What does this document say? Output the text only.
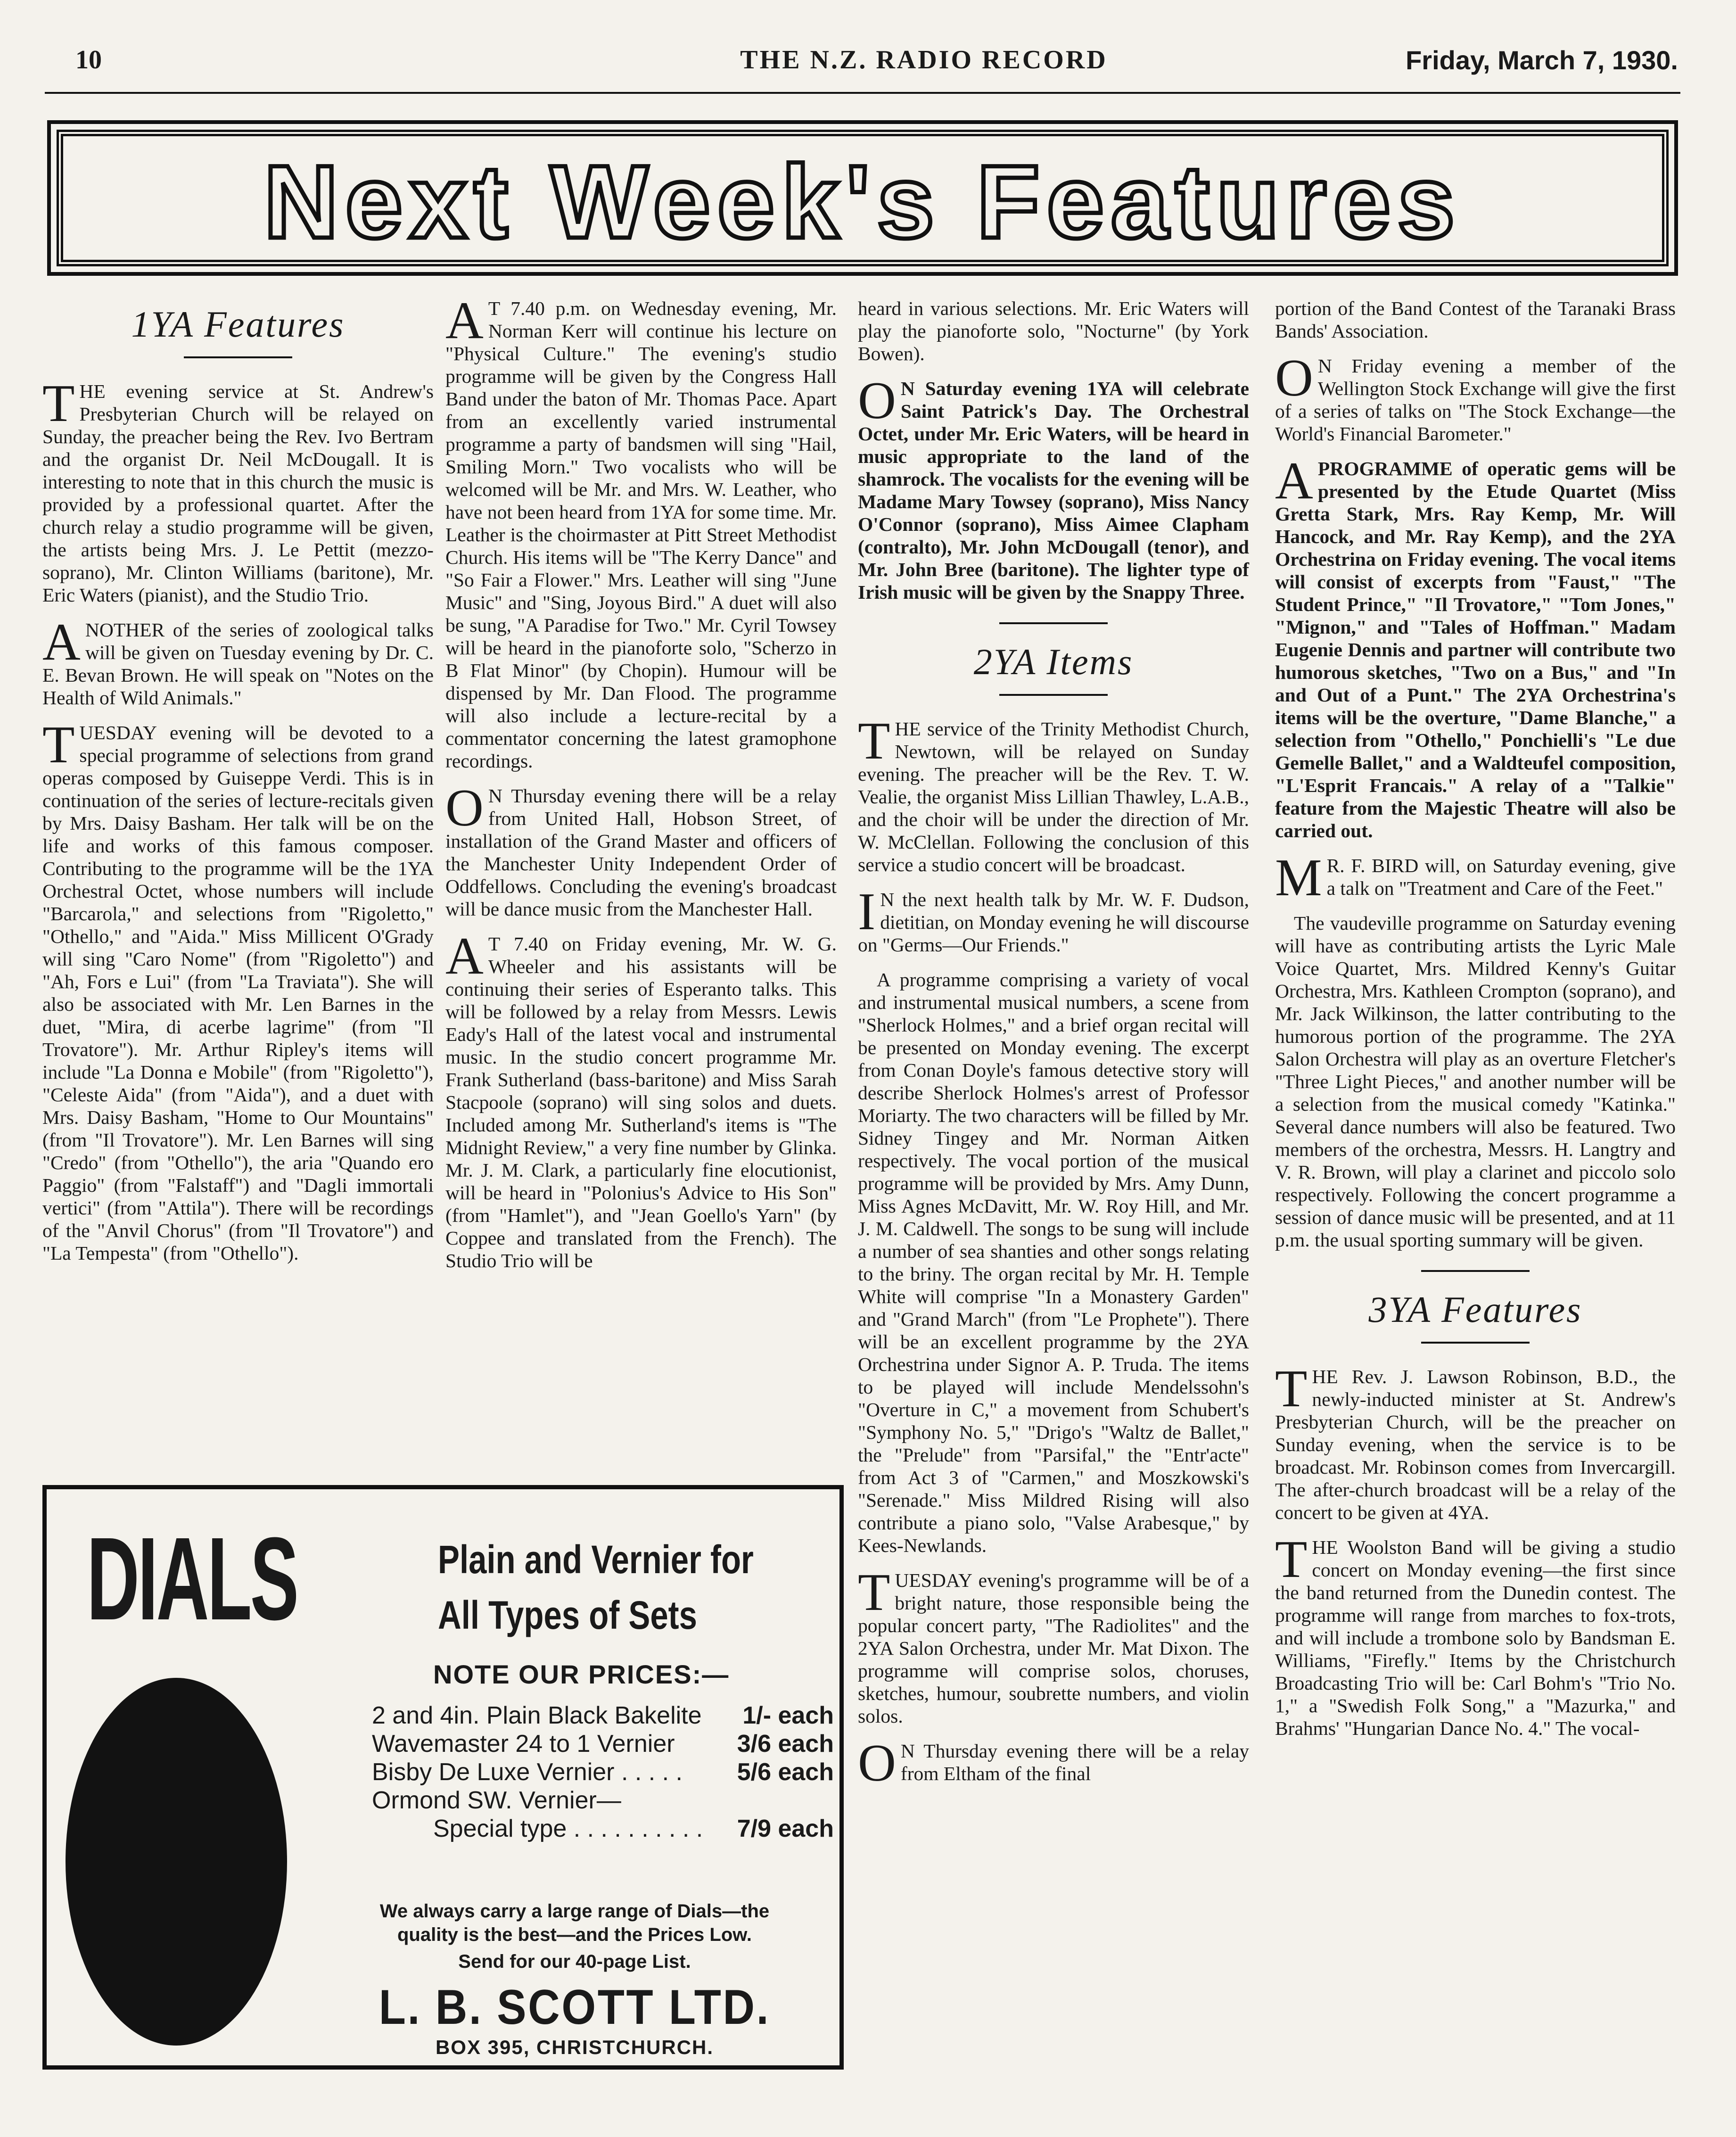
10	THE N.Z. RADIO RECORD	Friday, March 7, 1930.
Next Week's Features
1YA Features

THE evening service at St. Andrew's Presbyterian Church will be relayed on Sunday, the preacher being the Rev. Ivo Bertram and the organist Dr. Neil McDougall. It is interesting to note that in this church the music is provided by a professional quartet. After the church relay a studio programme will be given, the artists being Mrs. J. Le Pettit (mezzo-soprano), Mr. Clinton Williams (baritone), Mr. Eric Waters (pianist), and the Studio Trio.

ANOTHER of the series of zoological talks will be given on Tuesday evening by Dr. C. E. Bevan Brown. He will speak on "Notes on the Health of Wild Animals."

TUESDAY evening will be devoted to a special programme of selections from grand operas composed by Guiseppe Verdi. This is in continuation of the series of lecture-recitals given by Mrs. Daisy Basham. Her talk will be on the life and works of this famous composer. Contributing to the programme will be the 1YA Orchestral Octet, whose numbers will include "Barcarola," and selections from "Rigoletto," "Othello," and "Aida." Miss Millicent O'Grady will sing "Caro Nome" (from "Rigoletto") and "Ah, Fors e Lui" (from "La Traviata"). She will also be associated with Mr. Len Barnes in the duet, "Mira, di acerbe lagrime" (from "Il Trovatore"). Mr. Arthur Ripley's items will include "La Donna e Mobile" (from "Rigoletto"), "Celeste Aida" (from "Aida"), and a duet with Mrs. Daisy Basham, "Home to Our Mountains" (from "Il Trovatore"). Mr. Len Barnes will sing "Credo" (from "Othello"), the aria "Quando ero Paggio" (from "Falstaff") and "Dagli immortali vertici" (from "Attila"). There will be recordings of the "Anvil Chorus" (from "Il Trovatore") and "La Tempesta" (from "Othello").

A T 7.40 p.m. on Wednesday evening, Mr. Norman Kerr will continue his lecture on "Physical Culture." The evening's studio programme will be given by the Congress Hall Band under the baton of Mr. Thomas Pace. Apart from an excellently varied instrumental programme a party of bandsmen will sing "Hail, Smiling Morn." Two vocalists who will be welcomed will be Mr. and Mrs. W. Leather, who have not been heard from 1YA for some time. Mr. Leather is the choirmaster at Pitt Street Methodist Church. His items will be "The Kerry Dance" and "So Fair a Flower." Mrs. Leather will sing "June Music" and "Sing, Joyous Bird." A duet will also be sung, "A Paradise for Two." Mr. Cyril Towsey will be heard in the pianoforte solo, "Scherzo in B Flat Minor" (by Chopin). Humour will be dispensed by Mr. Dan Flood. The programme will also include a lecture-recital by a commentator concerning the latest gramophone recordings.

O N Thursday evening there will be a relay from United Hall, Hobson Street, of installation of the Grand Master and officers of the Manchester Unity Independent Order of Oddfellows. Concluding the evening's broadcast will be dance music from the Manchester Hall.

A T 7.40 on Friday evening, Mr. W. G. Wheeler and his assistants will be continuing their series of Esperanto talks. This will be followed by a relay from Messrs. Lewis Eady's Hall of the latest vocal and instrumental music. In the studio concert programme Mr. Frank Sutherland (bass-baritone) and Miss Sarah Stacpoole (soprano) will sing solos and duets. Included among Mr. Sutherland's items is "The Midnight Review," a very fine number by Glinka. Mr. J. M. Clark, a particularly fine elocutionist, will be heard in "Polonius's Advice to His Son" (from "Hamlet"), and "Jean Goello's Yarn" (by Coppee and translated from the French). The Studio Trio will be

heard in various selections. Mr. Eric Waters will play the pianoforte solo, "Nocturne" (by York Bowen).

O N Saturday evening 1YA will celebrate Saint Patrick's Day. The Orchestral Octet, under Mr. Eric Waters, will be heard in music appropriate to the land of the shamrock. The vocalists for the evening will be Madame Mary Towsey (soprano), Miss Nancy O'Connor (soprano), Miss Aimee Clapham (contralto), Mr. John McDougall (tenor), and Mr. John Bree (baritone). The lighter type of Irish music will be given by the Snappy Three.

2YA Items

THE service of the Trinity Methodist Church, Newtown, will be relayed on Sunday evening. The preacher will be the Rev. T. W. Vealie, the organist Miss Lillian Thawley, L.A.B., and the choir will be under the direction of Mr. W. McClellan. Following the conclusion of this service a studio concert will be broadcast.

I N the next health talk by Mr. W. F. Dudson, dietitian, on Monday evening he will discourse on "Germs—Our Friends."

A programme comprising a variety of vocal and instrumental musical numbers, a scene from "Sherlock Holmes," and a brief organ recital will be presented on Monday evening. The excerpt from Conan Doyle's famous detective story will describe Sherlock Holmes's arrest of Professor Moriarty. The two characters will be filled by Mr. Sidney Tingey and Mr. Norman Aitken respectively. The vocal portion of the musical programme will be provided by Mrs. Amy Dunn, Miss Agnes McDavitt, Mr. W. Roy Hill, and Mr. J. M. Caldwell. The songs to be sung will include a number of sea shanties and other songs relating to the briny. The organ recital by Mr. H. Temple White will comprise "In a Monastery Garden" and "Grand March" (from "Le Prophete"). There will be an excellent programme by the 2YA Orchestrina under Signor A. P. Truda. The items to be played will include Mendelssohn's "Overture in C," a movement from Schubert's "Symphony No. 5," "Drigo's "Waltz de Ballet," the "Prelude" from "Parsifal," the "Entr'acte" from Act 3 of "Carmen," and Moszkowski's "Serenade." Miss Mildred Rising will also contribute a piano solo, "Valse Arabesque," by Kees-Newlands.

TUESDAY evening's programme will be of a bright nature, those responsible being the popular concert party, "The Radiolites" and the 2YA Salon Orchestra, under Mr. Mat Dixon. The programme will comprise solos, choruses, sketches, humour, soubrette numbers, and violin solos.

O N Thursday evening there will be a relay from Eltham of the final

portion of the Band Contest of the Taranaki Brass Bands' Association.

O N Friday evening a member of the Wellington Stock Exchange will give the first of a series of talks on "The Stock Exchange—the World's Financial Barometer."

APROGRAMME of operatic gems will be presented by the Etude Quartet (Miss Gretta Stark, Mrs. Ray Kemp, Mr. Will Hancock, and Mr. Ray Kemp), and the 2YA Orchestrina on Friday evening. The vocal items will consist of excerpts from "Faust," "The Student Prince," "Il Trovatore," "Tom Jones," "Mignon," and "Tales of Hoffman." Madam Eugenie Dennis and partner will contribute two humorous sketches, "Two on a Bus," and "In and Out of a Punt." The 2YA Orchestrina's items will be the overture, "Dame Blanche," a selection from "Othello," Ponchielli's "Le due Gemelle Ballet," and a Waldteufel composition, "L'Esprit Francais." A relay of a "Talkie" feature from the Majestic Theatre will also be carried out.

M R. F. BIRD will, on Saturday evening, give a talk on "Treatment and Care of the Feet."

The vaudeville programme on Saturday evening will have as contributing artists the Lyric Male Voice Quartet, Mrs. Mildred Kenny's Guitar Orchestra, Mrs. Kathleen Crompton (soprano), and Mr. Jack Wilkinson, the latter contributing to the humorous portion of the programme. The 2YA Salon Orchestra will play as an overture Fletcher's "Three Light Pieces," and another number will be a selection from the musical comedy "Katinka." Several dance numbers will also be featured. Two members of the orchestra, Messrs. H. Langtry and V. R. Brown, will play a clarinet and piccolo solo respectively. Following the concert programme a session of dance music will be presented, and at 11 p.m. the usual sporting summary will be given.

3YA Features

THE Rev. J. Lawson Robinson, B.D., the newly-inducted minister at St. Andrew's Presbyterian Church, will be the preacher on Sunday evening, when the service is to be broadcast. Mr. Robinson comes from Invercargill. The after-church broadcast will be a relay of the concert to be given at 4YA.

THE Woolston Band will be giving a studio concert on Monday evening—the first since the band returned from the Dunedin contest. The programme will range from marches to fox-trots, and will include a trombone solo by Bandsman E. Williams, "Firefly." Items by the Christchurch Broadcasting Trio will be: Carl Bohm's "Trio No. 1," a "Swedish Folk Song," a "Mazurka," and Brahms' "Hungarian Dance No. 4." The vocal-

DIALS	Plain and Vernier for
All Types of Sets
NOTE OUR PRICES:—
2 and 4in. Plain Black Bakelite 1/- each
Wavemaster 24 to 1 Vernier	3/6 each
Bisby De Luxe Vernier . . . . . 5/6 each
Ormond SW. Vernier—
Special type . . . . . . . . . . 7/9 each
We always carry a large range of Dials—the
quality is the best—and the Prices Low.
Send for our 40-page List.
L. B. SCOTT LTD.
BOX 395, CHRISTCHURCH.
